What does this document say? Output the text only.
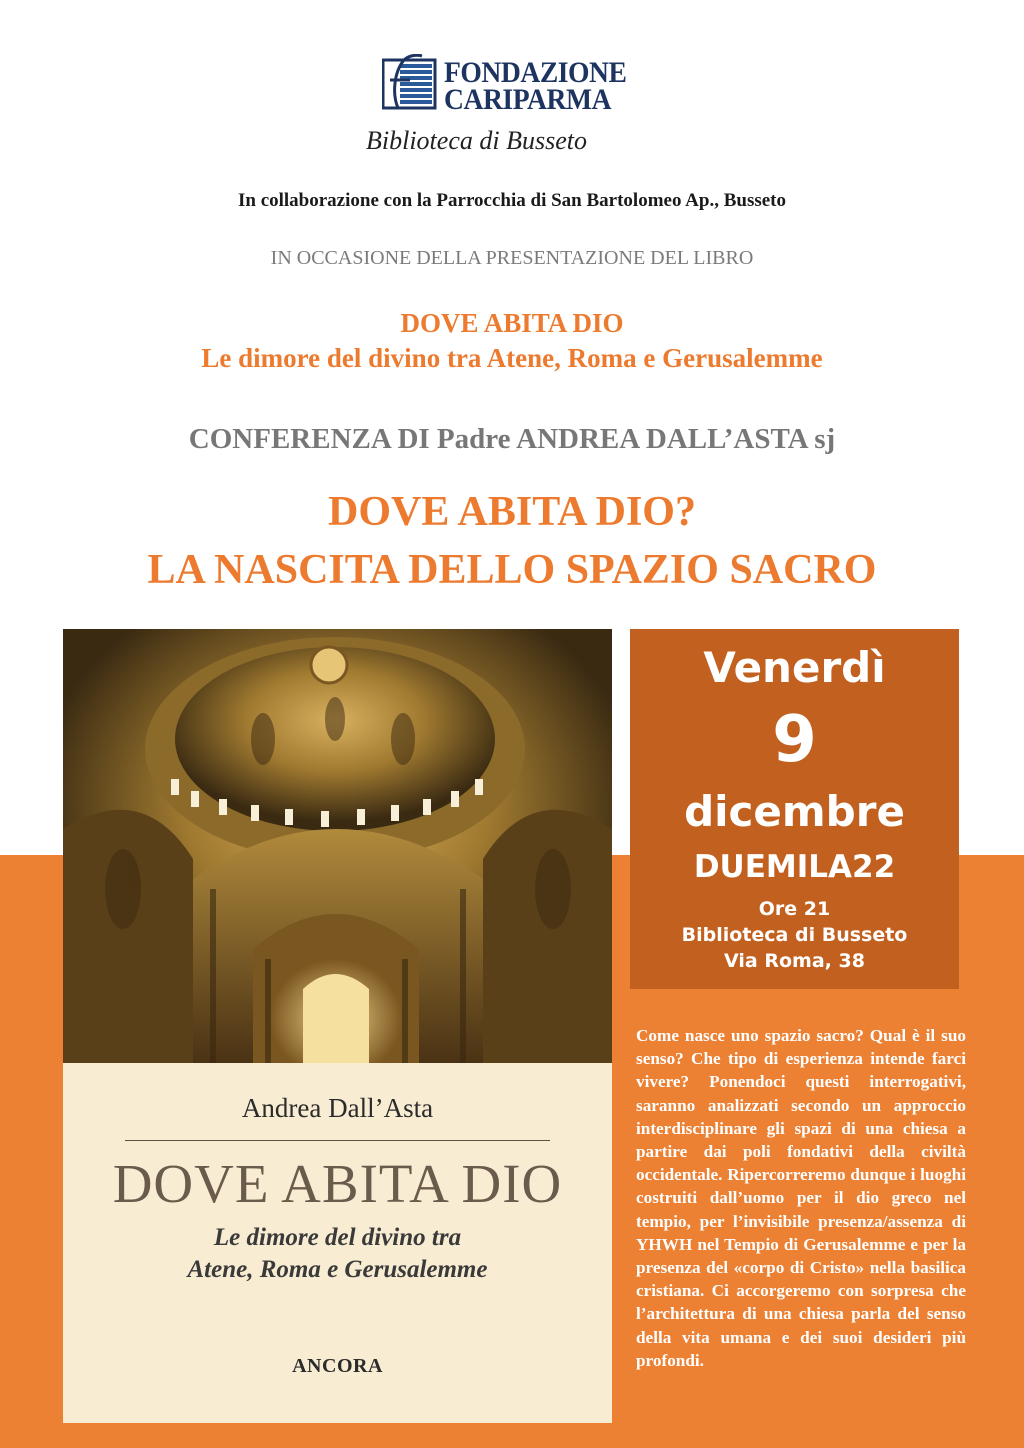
FONDAZIONE
CARIPARMA
Biblioteca di Busseto
In collaborazione con la Parrocchia di San Bartolomeo Ap., Busseto
IN OCCASIONE DELLA PRESENTAZIONE DEL LIBRO
DOVE ABITA DIO
Le dimore del divino tra Atene, Roma e Gerusalemme
CONFERENZA DI Padre ANDREA DALL’ASTA sj
DOVE ABITA DIO?
LA NASCITA DELLO SPAZIO SACRO
Andrea Dall’Asta
DOVE ABITA DIO
Le dimore del divino tra
Atene, Roma e Gerusalemme
ANCORA
Venerdì
9
dicembre
DUEMILA22
Ore 21
Biblioteca di Busseto
Via Roma, 38
Come nasce uno spazio sacro? Qual è il suo senso? Che tipo di esperienza intende farci vivere? Ponendoci questi interrogativi, saranno analizzati secondo un approccio interdisciplinare gli spazi di una chiesa a partire dai poli fondativi della civiltà occidentale. Ripercorreremo dunque i luoghi costruiti dall’uomo per il dio greco nel tempio, per l’invisibile presenza/assenza di YHWH nel Tempio di Gerusalemme e per la presenza del «corpo di Cristo» nella basilica cristiana. Ci accorgeremo con sorpresa che l’architettura di una chiesa parla del senso della vita umana e dei suoi desideri più profondi.
